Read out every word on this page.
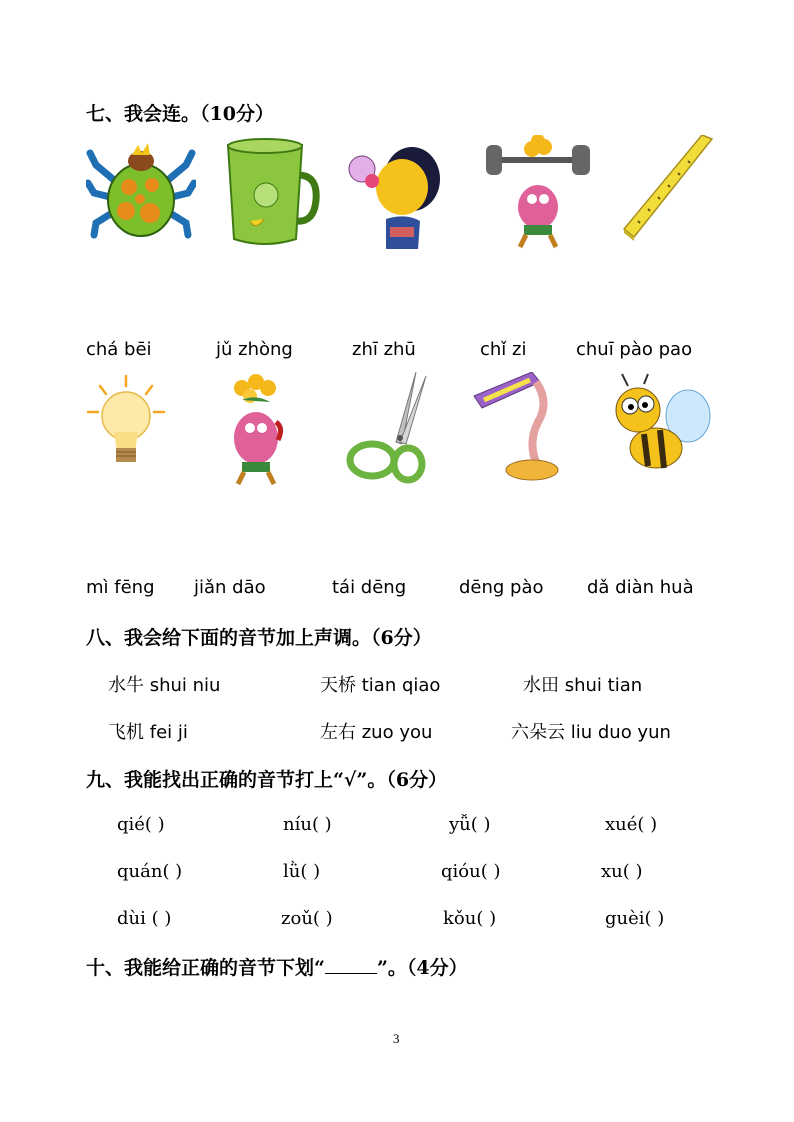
七、我会连。（10分）
chá bēi	jǔ zhòng	zhī zhū	chǐ zi	chuī pào pao
mì fēng jiǎn dāo	tái dēng	dēng pào dǎ diàn huà
八、我会给下面的音节加上声调。（6分）
水牛 shui niu	天桥 tian qiao	水田 shui tian
飞机 fei ji	左右 zuo you	六朵云 liu duo yun
九、我能找出正确的音节打上“√”。（6分）
qié( )	níu( )	yǚ( )	xué( )
quán( )	lǜ( )	qióu( )	xu( )
dùi ( )	zoǔ( )	kǒu( )	guèi( )
十、我能给正确的音节下划“	”。（4分）
3
